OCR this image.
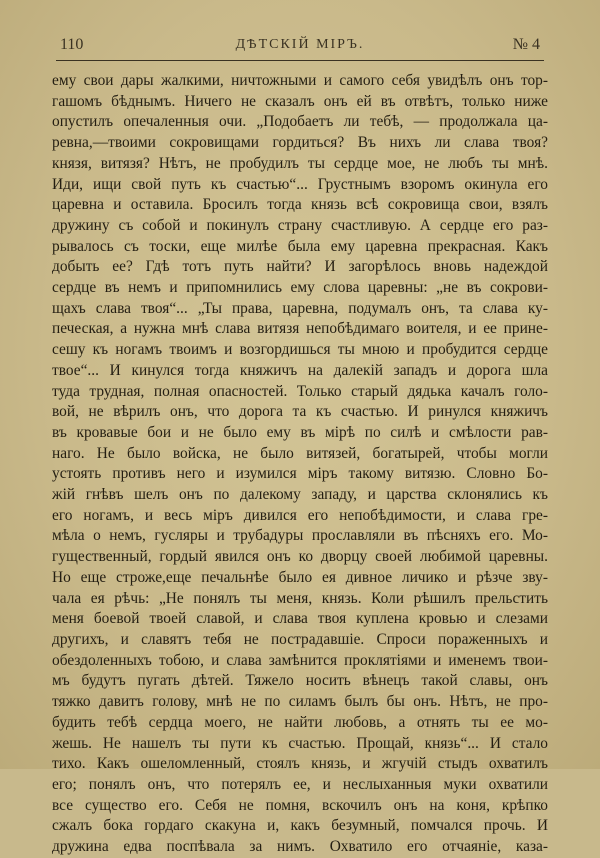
110	ДѢТСКІЙ МІРЪ.	№ 4
ему свои дары жалкими, ничтожными и самого себя увидѣлъ онъ тор-
гашомъ бѣднымъ. Ничего не сказалъ онъ ей въ отвѣтъ, только ниже
опустилъ опечаленныя очи. „Подобаетъ ли тебѣ, — продолжала ца-
ревна,—твоими сокровищами гордиться? Въ нихъ ли слава твоя?
князя, витязя? Нѣтъ, не пробудилъ ты сердце мое, не любъ ты мнѣ.
Иди, ищи свой путь къ счастью“... Грустнымъ взоромъ окинула его
царевна и оставила. Бросилъ тогда князь всѣ сокровища свои, взялъ
дружину съ собой и покинулъ страну счастливую. А сердце его раз-
рывалось съ тоски, еще милѣе была ему царевна прекрасная. Какъ
добыть ее? Гдѣ тотъ путь найти? И загорѣлось вновь надеждой
сердце въ немъ и припомнились ему слова царевны: „не въ сокрови-
щахъ слава твоя“... „Ты права, царевна, подумалъ онъ, та слава ку-
печеская, а нужна мнѣ слава витязя непобѣдимаго воителя, и ее прине-
сешу къ ногамъ твоимъ и возгордишься ты мною и пробудится сердце
твое“... И кинулся тогда княжичъ на далекій западъ и дорога шла
туда трудная, полная опасностей. Только старый дядька качалъ голо-
вой, не вѣрилъ онъ, что дорога та къ счастью. И ринулся княжичъ
въ кровавые бои и не было ему въ мірѣ по силѣ и смѣлости рав-
наго. Не было войска, не было витязей, богатырей, чтобы могли
устоять противъ него и изумился міръ такому витязю. Словно Бо-
жій гнѣвъ шелъ онъ по далекому западу, и царства склонялись къ
его ногамъ, и весь міръ дивился его непобѣдимости, и слава гре-
мѣла о немъ, гусляры и трубадуры прославляли въ пѣсняхъ его. Мо-
гущественный, гордый явился онъ ко дворцу своей любимой царевны.
Но еще строже,еще печальнѣе было ея дивное личико и рѣзче зву-
чала ея рѣчь: „Не понялъ ты меня, князь. Коли рѣшилъ прельстить
меня боевой твоей славой, и слава твоя куплена кровью и слезами
другихъ, и славятъ тебя не пострадавшіе. Спроси пораженныхъ и
обездоленныхъ тобою, и слава замѣнится проклятіями и именемъ твои-
мъ будутъ пугать дѣтей. Тяжело носить вѣнецъ такой славы, онъ
тяжко давитъ голову, мнѣ не по силамъ былъ бы онъ. Нѣтъ, не про-
будить тебѣ сердца моего, не найти любовь, а отнять ты ее мо-
жешь. Не нашелъ ты пути къ счастью. Прощай, князь“... И стало
тихо. Какъ ошеломленный, стоялъ князь, и жгучій стыдъ охватилъ
его; понялъ онъ, что потерялъ ее, и неслыханныя муки охватили
все существо его. Себя не помня, вскочилъ онъ на коня, крѣпко
сжалъ бока гордаго скакуна и, какъ безумный, помчался прочь. И
дружина едва поспѣвала за нимъ. Охватило его отчаяніе, каза-
